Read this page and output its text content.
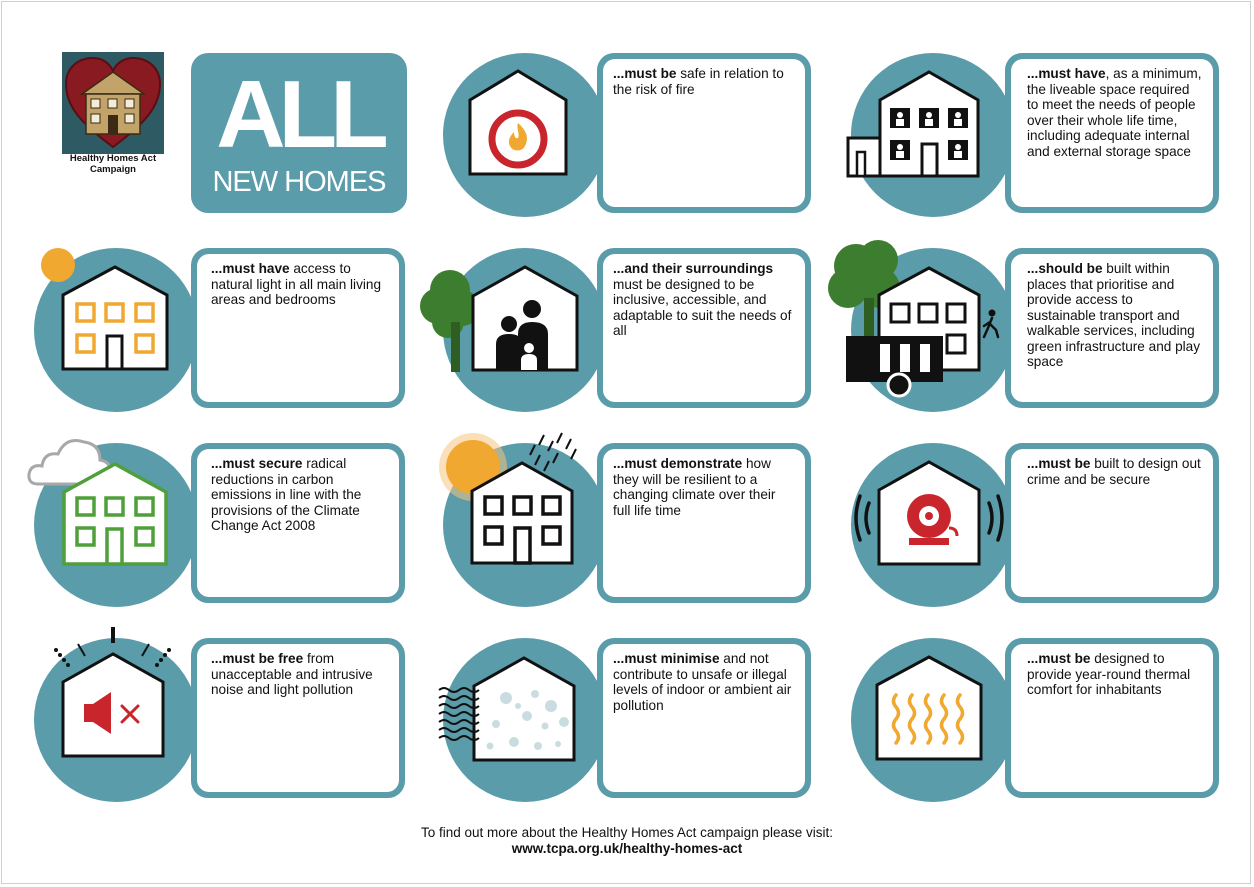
Healthy Homes Act Campaign
ALL
NEW HOMES
...must be safe in relation to the risk of fire
...must have, as a minimum, the liveable space required to meet the needs of people over their whole life time, including adequate internal and external storage space
...must have access to natural light in all main living areas and bedrooms
...and their surroundings must be designed to be inclusive, accessible, and adaptable to suit the needs of all
...should be built within places that prioritise and provide access to sustainable transport and walkable services, including green infrastructure and play space
...must secure radical reductions in carbon emissions in line with the provisions of the Climate Change Act 2008
...must demonstrate how they will be resilient to a changing climate over their full life time
...must be built to design out crime and be secure
...must be free from unacceptable and intrusive noise and light pollution
...must minimise and not contribute to unsafe or illegal levels of indoor or ambient air pollution
...must be designed to provide year-round thermal comfort for inhabitants
To find out more about the Healthy Homes Act campaign please visit:
www.tcpa.org.uk/healthy-homes-act
